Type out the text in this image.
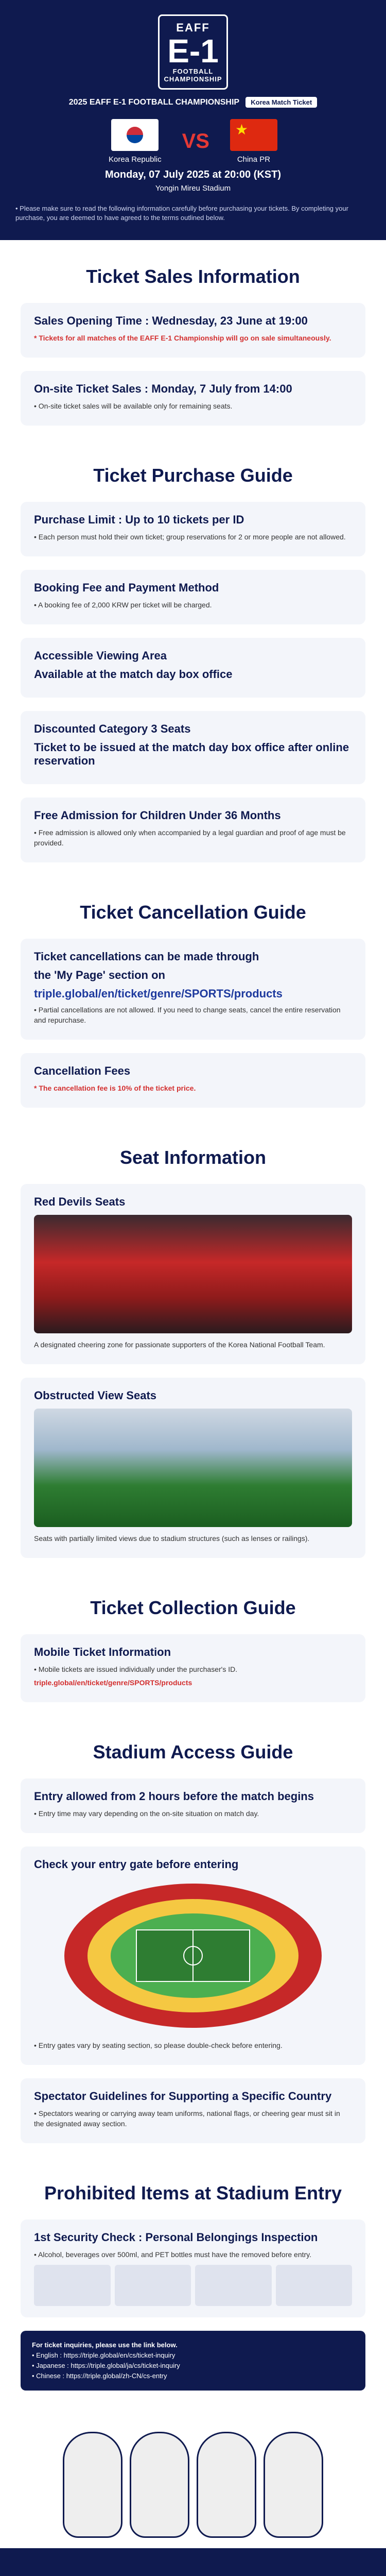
EAFF
E-1
FOOTBALL CHAMPIONSHIP
2025 EAFF E-1 FOOTBALL CHAMPIONSHIP Korea Match Ticket
Korea Republic
VS
★
China PR
Monday, 07 July 2025 at 20:00 (KST)
Yongin Mireu Stadium
• Please make sure to read the following information carefully before purchasing your tickets. By completing your purchase, you are deemed to have agreed to the terms outlined below.
Ticket Sales Information
Sales Opening Time : Wednesday, 23 June at 19:00

* Tickets for all matches of the EAFF E-1 Championship will go on sale simultaneously.

On-site Ticket Sales : Monday, 7 July from 14:00

• On-site ticket sales will be available only for remaining seats.

Ticket Purchase Guide
Purchase Limit : Up to 10 tickets per ID

• Each person must hold their own ticket; group reservations for 2 or more people are not allowed.

Booking Fee and Payment Method

• A booking fee of 2,000 KRW per ticket will be charged.

Accessible Viewing Area
Available at the match day box office
Discounted Category 3 Seats
Ticket to be issued at the match day box office after online reservation
Free Admission for Children Under 36 Months

• Free admission is allowed only when accompanied by a legal guardian and proof of age must be provided.

Ticket Cancellation Guide
Ticket cancellations can be made through
the 'My Page' section on
triple.global/en/ticket/genre/SPORTS/products

• Partial cancellations are not allowed. If you need to change seats, cancel the entire reservation and repurchase.

Cancellation Fees

* The cancellation fee is 10% of the ticket price.

Seat Information
Red Devils Seats

A designated cheering zone for passionate supporters of the Korea National Football Team.

Obstructed View Seats

Seats with partially limited views due to stadium structures (such as lenses or railings).

Ticket Collection Guide
Mobile Ticket Information

• Mobile tickets are issued individually under the purchaser's ID.

triple.global/en/ticket/genre/SPORTS/products

Stadium Access Guide
Entry allowed from 2 hours before the match begins

• Entry time may vary depending on the on-site situation on match day.

Check your entry gate before entering

• Entry gates vary by seating section, so please double-check before entering.

Spectator Guidelines for Supporting a Specific Country

• Spectators wearing or carrying away team uniforms, national flags, or cheering gear must sit in the designated away section.

Prohibited Items at Stadium Entry
1st Security Check : Personal Belongings Inspection

• Alcohol, beverages over 500ml, and PET bottles must have the removed before entry.

For ticket inquiries, please use the link below.
• English : https://triple.global/en/cs/ticket-inquiry
• Japanese : https://triple.global/ja/cs/ticket-inquiry
• Chinese : https://triple.global/zh-CN/cs-entry
